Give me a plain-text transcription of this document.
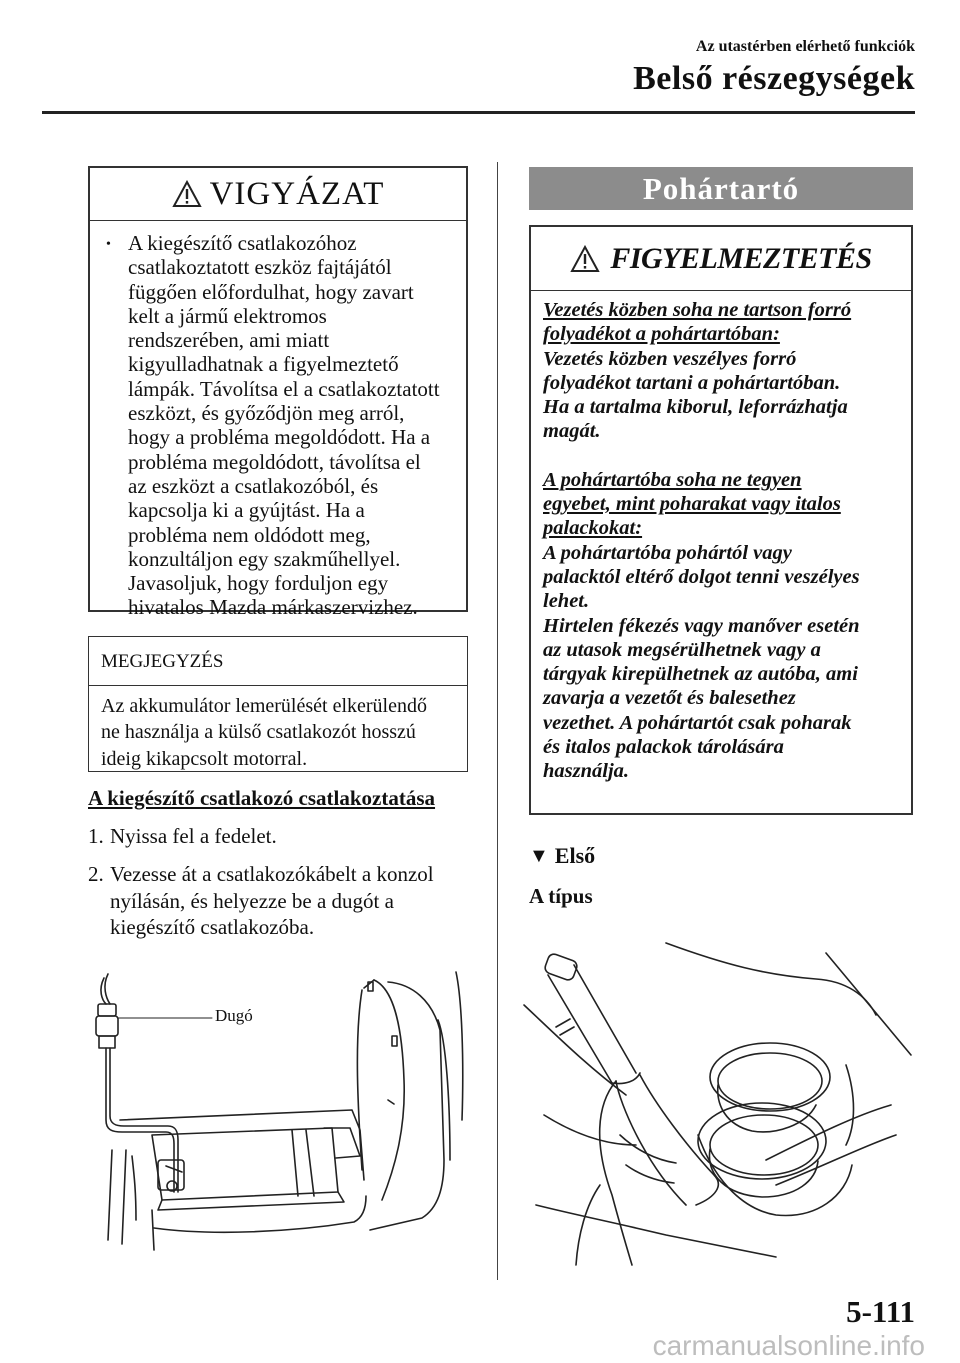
Az utastérben elérhető funkciók
Belső részegységek
VIGYÁZAT
• A kiegészítő csatlakozóhoz
csatlakoztatott eszköz fajtájától
függően előfordulhat, hogy zavart
kelt a jármű elektromos
rendszerében, ami miatt
kigyulladhatnak a figyelmeztető
lámpák. Távolítsa el a csatlakoztatott
eszközt, és győződjön meg arról,
hogy a probléma megoldódott. Ha a
probléma megoldódott, távolítsa el
az eszközt a csatlakozóból, és
kapcsolja ki a gyújtást. Ha a
probléma nem oldódott meg,
konzultáljon egy szakműhellyel.
Javasoljuk, hogy forduljon egy
hivatalos Mazda márkaszervizhez.
MEGJEGYZÉS
Az akkumulátor lemerülését elkerülendő
ne használja a külső csatlakozót hosszú
ideig kikapcsolt motorral.
A kiegészítő csatlakozó csatlakoztatása
1. Nyissa fel a fedelet.
2. Vezesse át a csatlakozókábelt a konzol
nyílásán, és helyezze be a dugót a
kiegészítő csatlakozóba.
Dugó
Pohártartó
FIGYELMEZTETÉS
Vezetés közben soha ne tartson forró
folyadékot a pohártartóban:
Vezetés közben veszélyes forró
folyadékot tartani a pohártartóban.
Ha a tartalma kiborul, leforrázhatja
magát.
A pohártartóba soha ne tegyen
egyebet, mint poharakat vagy italos
palackokat:
A pohártartóba pohártól vagy
palacktól eltérő dolgot tenni veszélyes
lehet.
Hirtelen fékezés vagy manőver esetén
az utasok megsérülhetnek vagy a
tárgyak kirepülhetnek az autóba, ami
zavarja a vezetőt és balesethez
vezethet. A pohártartót csak poharak
és italos palackok tárolására
használja.
▼ Első
A típus
5-111
carmanualsonline.info
